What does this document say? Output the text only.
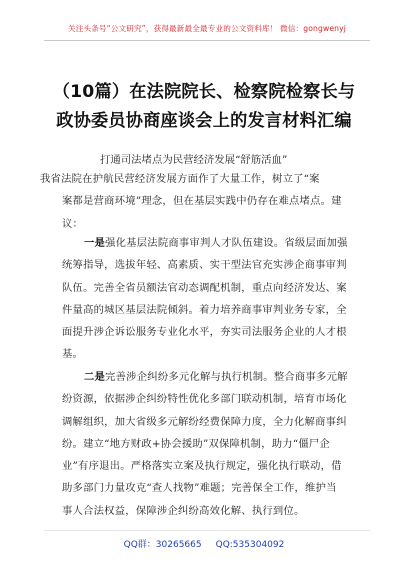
关注头条号“公文研究”，获得最新最全最专业的公文资料库！ 微信：gongwenyj
（10篇）在法院院长、检察院检察长与
政协委员协商座谈会上的发言材料汇编
打通司法堵点为民营经济发展“舒筋活血”
我省法院在护航民营经济发展方面作了大量工作，树立了“案
案都是营商环境”理念，但在基层实践中仍存在难点堵点。建
议：
一是强化基层法院商事审判人才队伍建设。省级层面加强
统筹指导，选拔年轻、高素质、实干型法官充实涉企商事审判
队伍。完善全省员额法官动态调配机制，重点向经济发达、案
件量高的城区基层法院倾斜。着力培养商事审判业务专家，全
面提升涉企诉讼服务专业化水平，夯实司法服务企业的人才根
基。
二是完善涉企纠纷多元化解与执行机制。整合商事多元解
纷资源，依据涉企纠纷特性优化多部门联动机制，培育市场化
调解组织，加大省级多元解纷经费保障力度，全力化解商事纠
纷。建立“地方财政+协会援助”双保障机制，助力“僵尸企
业”有序退出。严格落实立案及执行规定，强化执行联动，借
助多部门力量攻克“查人找物”难题；完善保全工作，维护当
事人合法权益，保障涉企纠纷高效化解、执行到位。
QQ群：30265665 QQ:535304092
